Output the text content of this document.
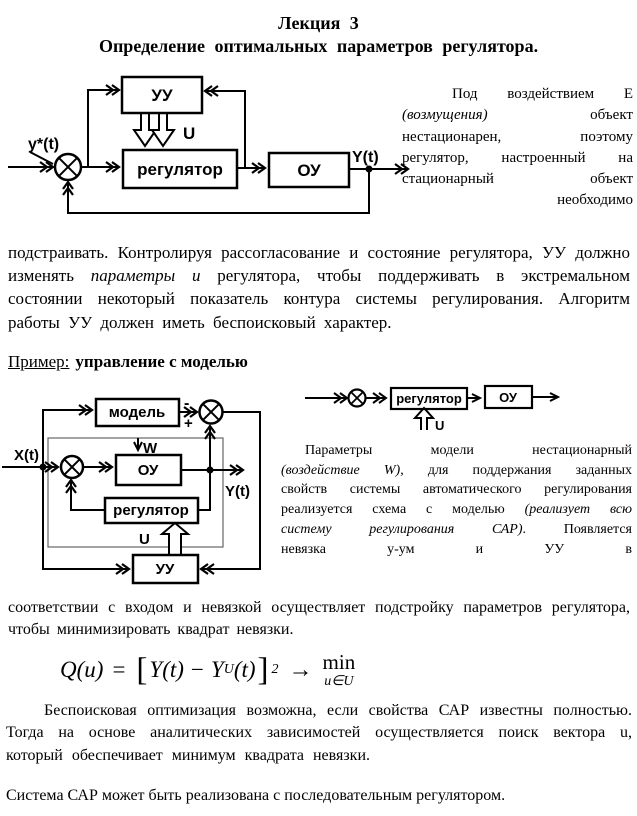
Лекция 3
Определение оптимальных параметров регулятора.
УУ
регулятор	ОУ
y*(t)
Y(t)
U
Под воздействием Е (возмущения) объект нестационарен, поэтому регулятор, настроенный на стационарный объект необходимо
подстраивать. Контролируя рассогласование и состояние регулятора, УУ должно изменять параметры и регулятора, чтобы поддерживать в экстремальном состоянии некоторый показатель контура системы регулирования. Алгоритм работы УУ должен иметь беспоисковый характер.
Пример: управление с моделью
модель
ОУ
регулятор
УУ
X(t)
Y(t)
W
U
-
+
регулятор	ОУ
U
Параметры модели нестационарный (воздействие W), для поддержания заданных свойств системы автоматического регулирования реализуется схема с моделью (реализует всю систему регулирования САР). Появляется невязка у-ум и УУ в
соответствии с входом и невязкой осуществляет подстройку параметров регулятора, чтобы минимизировать квадрат невязки.
Q(u) = [ Y(t) − Y U (t) ] 2 → min
u∈U
Беспоисковая оптимизация возможна, если свойства САР известны полностью. Тогда на основе аналитических зависимостей осуществляется поиск вектора u, который обеспечивает минимум квадрата невязки.
Система САР может быть реализована с последовательным регулятором.
